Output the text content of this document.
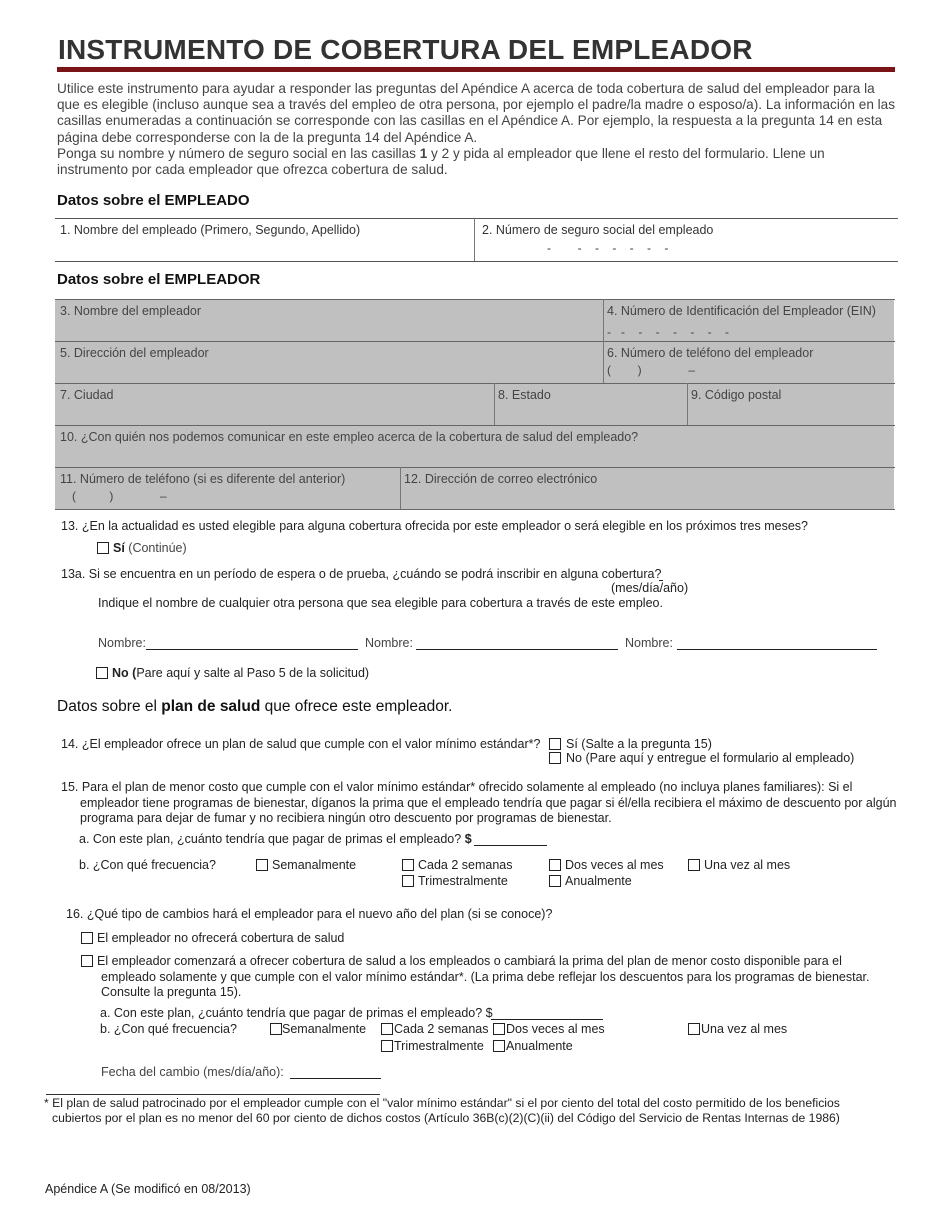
INSTRUMENTO DE COBERTURA DEL EMPLEADOR

Utilice este instrumento para ayudar a responder las preguntas del Apéndice A acerca de toda cobertura de salud del empleador para la que es elegible (incluso aunque sea a través del empleo de otra persona, por ejemplo el padre/la madre o esposo/a). La información en las casillas enumeradas a continuación se corresponde con las casillas en el Apéndice A. Por ejemplo, la respuesta a la pregunta 14 en esta página debe corresponderse con la de la pregunta 14 del Apéndice A.

Ponga su nombre y número de seguro social en las casillas 1 y 2 y pida al empleador que llene el resto del formulario. Llene un instrumento por cada empleador que ofrezca cobertura de salud.

Datos sobre el EMPLEADO
1. Nombre del empleado (Primero, Segundo, Apellido)	2. Número de seguro social del empleado
-        -    -    -    -    -    -
Datos sobre el EMPLEADOR
3. Nombre del empleador	4. Número de Identificación del Empleador (EIN)
-   -    -    -    -    -    -    -
5. Dirección del empleador	6. Número de teléfono del empleador
(        )              –
7. Ciudad	8. Estado	9. Código postal
10. ¿Con quién nos podemos comunicar en este empleo acerca de la cobertura de salud del empleado?
11. Número de teléfono (si es diferente del anterior)
(          )              –
12. Dirección de correo electrónico
13. ¿En la actualidad es usted elegible para alguna cobertura ofrecida por este empleador o será elegible en los próximos tres meses?
Sí (Continúe)
13a. Si se encuentra en un período de espera o de prueba, ¿cuándo se podrá inscribir en alguna cobertura?
(mes/día/año)
Indique el nombre de cualquier otra persona que sea elegible para cobertura a través de este empleo.
Nombre:	Nombre:	Nombre:
No (Pare aquí y salte al Paso 5 de la solicitud)
Datos sobre el plan de salud que ofrece este empleador.
14. ¿El empleador ofrece un plan de salud que cumple con el valor mínimo estándar*? Sí (Salte a la pregunta 15)
No (Pare aquí y entregue el formulario al empleado)
15. Para el plan de menor costo que cumple con el valor mínimo estándar* ofrecido solamente al empleado (no incluya planes familiares): Si el empleador tiene programas de bienestar, díganos la prima que el empleado tendría que pagar si él/ella recibiera el máximo de descuento por algún programa para dejar de fumar y no recibiera ningún otro descuento por programas de bienestar.
a. Con este plan, ¿cuánto tendría que pagar de primas el empleado? $
b. ¿Con qué frecuencia?	Semanalmente	Cada 2 semanas	Dos veces al mes	Una vez al mes
Trimestralmente	Anualmente
16. ¿Qué tipo de cambios hará el empleador para el nuevo año del plan (si se conoce)?
El empleador no ofrecerá cobertura de salud
El empleador comenzará a ofrecer cobertura de salud a los empleados o cambiará la prima del plan de menor costo disponible para el empleado solamente y que cumple con el valor mínimo estándar*. (La prima debe reflejar los descuentos para los programas de bienestar. Consulte la pregunta 15).
a. Con este plan, ¿cuánto tendría que pagar de primas el empleado? $
b. ¿Con qué frecuencia?	Semanalmente Cada 2 semanas Dos veces al mes	Una vez al mes
Trimestralmente Anualmente
Fecha del cambio (mes/día/año):
* El plan de salud patrocinado por el empleador cumple con el "valor mínimo estándar" si el por ciento del total del costo permitido de los beneficios cubiertos por el plan es no menor del 60 por ciento de dichos costos (Artículo 36B(c)(2)(C)(ii) del Código del Servicio de Rentas Internas de 1986)
Apéndice A (Se modificó en 08/2013)
